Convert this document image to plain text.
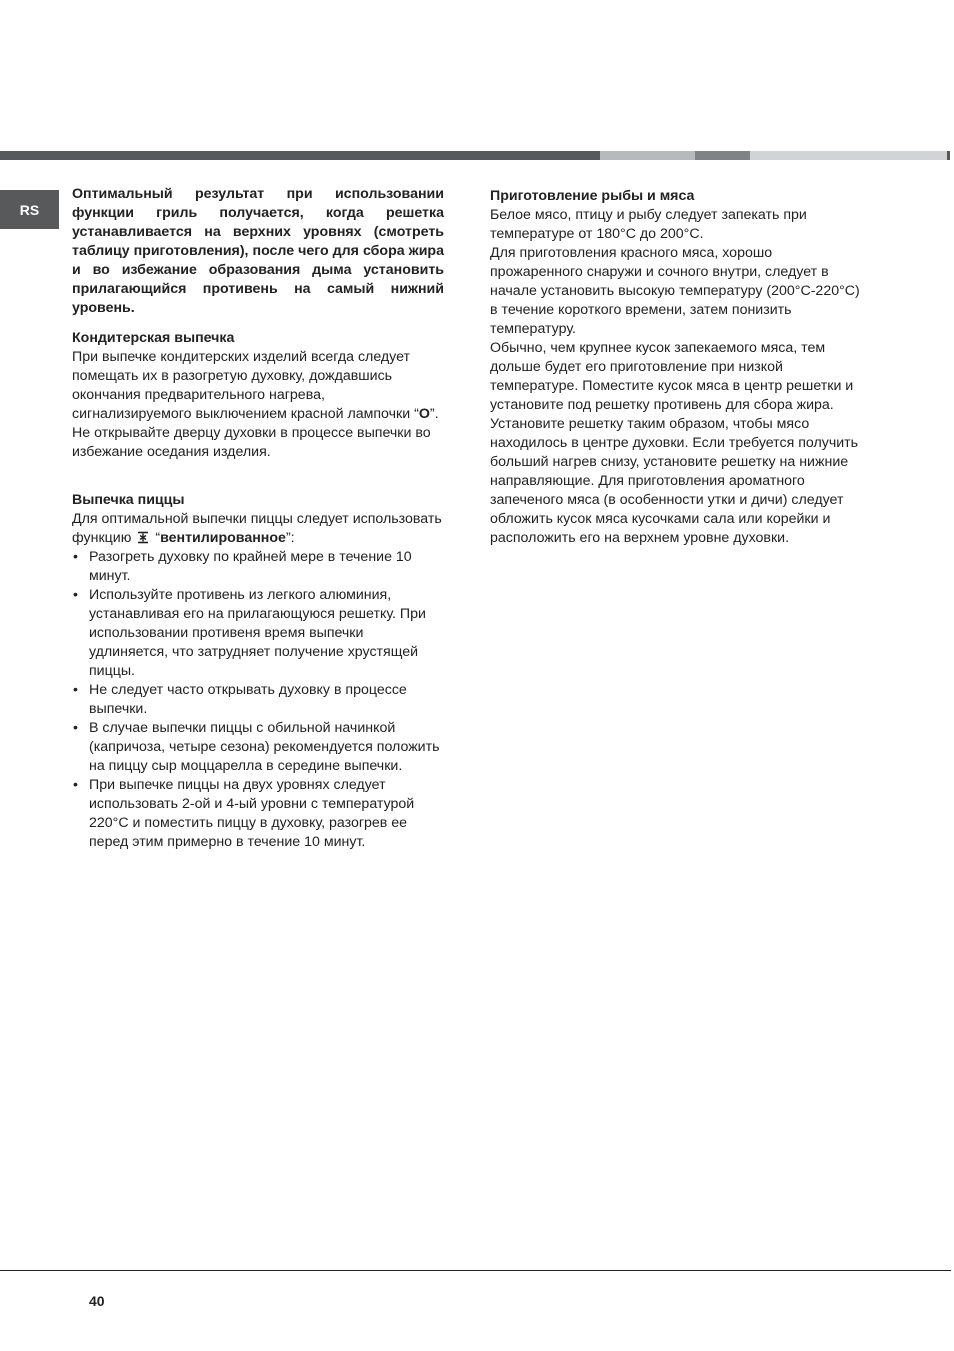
RS

Оптимальный результат при использовании функции гриль получается, когда решетка устанавливается на верхних уровнях (смотреть таблицу приготовления), после чего для сбора жира и во избежание образования дыма установить прилагающийся противень на самый нижний уровень.

Кондитерская выпечка

При выпечке кондитерских изделий всегда следует помещать их в разогретую духовку, дождавшись окончания предварительного нагрева, сигнализируемого выключением красной лампочки “O”. Не открывайте дверцу духовки в процессе выпечки во избежание оседания изделия.

Выпечка пиццы

Для оптимальной выпечки пиццы следует использовать функцию “вентилированное”:

• Разогреть духовку по крайней мере в течение 10 минут.
• Используйте противень из легкого алюминия, устанавливая его на прилагающуюся решетку. При использовании противеня время выпечки удлиняется, что затрудняет получение хрустящей пиццы.
• Не следует часто открывать духовку в процессе выпечки.
• В случае выпечки пиццы с обильной начинкой (капричоза, четыре сезона) рекомендуется положить на пиццу сыр моццарелла в середине выпечки.
• При выпечке пиццы на двух уровнях следует использовать 2-ой и 4-ый уровни с температурой 220°С и поместить пиццу в духовку, разогрев ее перед этим примерно в течение 10 минут.

Приготовление рыбы и мяса

Белое мясо, птицу и рыбу следует запекать при температуре от 180°С до 200°С.

Для приготовления красного мяса, хорошо прожаренного снаружи и сочного внутри, следует в начале установить высокую температуру (200°С-220°С) в течение короткого времени, затем понизить температуру.

Обычно, чем крупнее кусок запекаемого мяса, тем дольше будет его приготовление при низкой температуре. Поместите кусок мяса в центр решетки и установите под решетку противень для сбора жира.

Установите решетку таким образом, чтобы мясо находилось в центре духовки. Если требуется получить больший нагрев снизу, установите решетку на нижние направляющие. Для приготовления ароматного запеченого мяса (в особенности утки и дичи) следует обложить кусок мяса кусочками сала или корейки и расположить его на верхнем уровне духовки.

40
